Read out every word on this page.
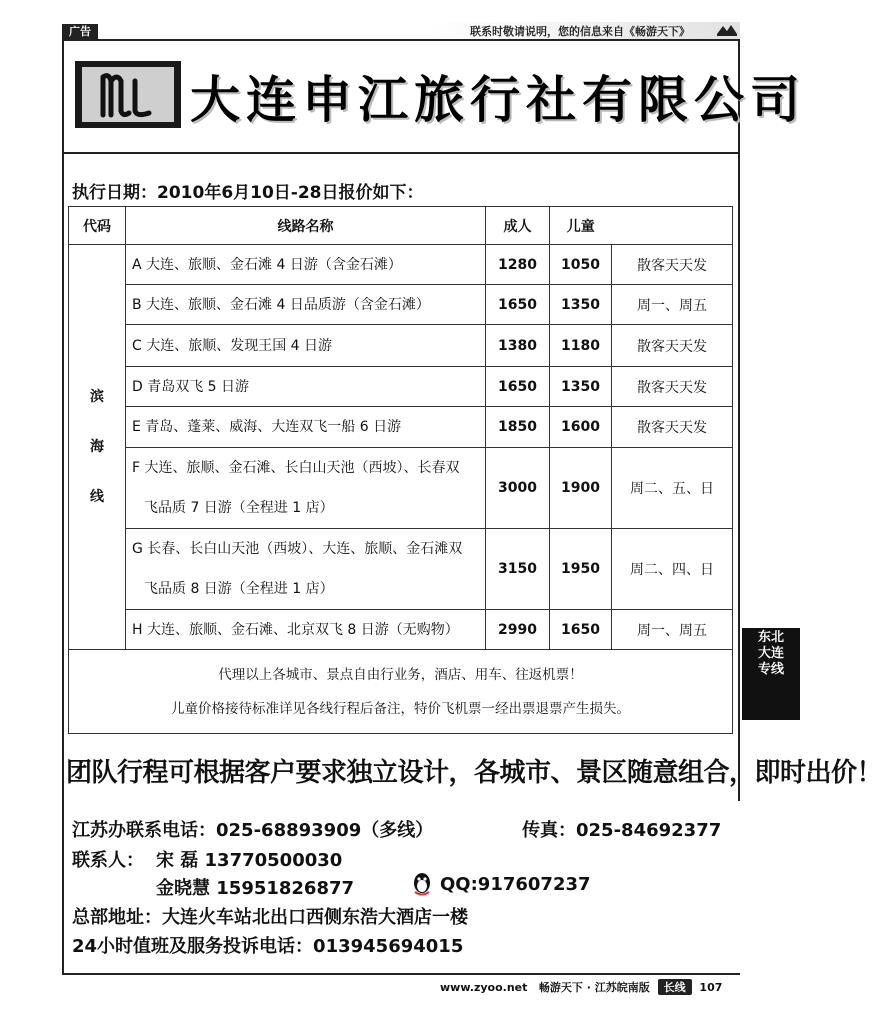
广告	联系时敬请说明，您的信息来自《畅游天下》
大连申江旅行社有限公司
执行日期：2010年6月10日-28日报价如下：
代码	线路名称	成人	儿童	

滨
海
线	A 大连、旅顺、金石滩 4 日游（含金石滩）	1280	1050	散客天天发
	B 大连、旅顺、金石滩 4 日品质游（含金石滩）	1650	1350	周一、周五
	C 大连、旅顺、发现王国 4 日游	1380	1180	散客天天发
	D 青岛双飞 5 日游	1650	1350	散客天天发
	E 青岛、蓬莱、威海、大连双飞一船 6 日游	1850	1600	散客天天发

	F 大连、旅顺、金石滩、长白山天池（西坡）、长春双
飞品质 7 日游（全程进 1 店）	3000	1900	周二、五、日

	G 长春、长白山天池（西坡）、大连、旅顺、金石滩双
飞品质 8 日游（全程进 1 店）	3150	1950	周二、四、日
	H 大连、旅顺、金石滩、北京双飞 8 日游（无购物）	2990	1650	周一、周五

代理以上各城市、景点自由行业务，酒店、用车、往返机票！
儿童价格接待标准详见各线行程后备注，特价飞机票一经出票退票产生损失。				
团队行程可根据客户要求独立设计，各城市、景区随意组合，即时出价！
江苏办联系电话：025-68893909（多线）	传真：025-84692377
联系人： 宋 磊 13770500030
金晓慧 15951826877	QQ:917607237
总部地址：大连火车站北出口西侧东浩大酒店一楼
24小时值班及服务投诉电话：013945694015
东北
大连
专线
www.zyoo.net 畅游天下 · 江苏皖南版 长线 107
